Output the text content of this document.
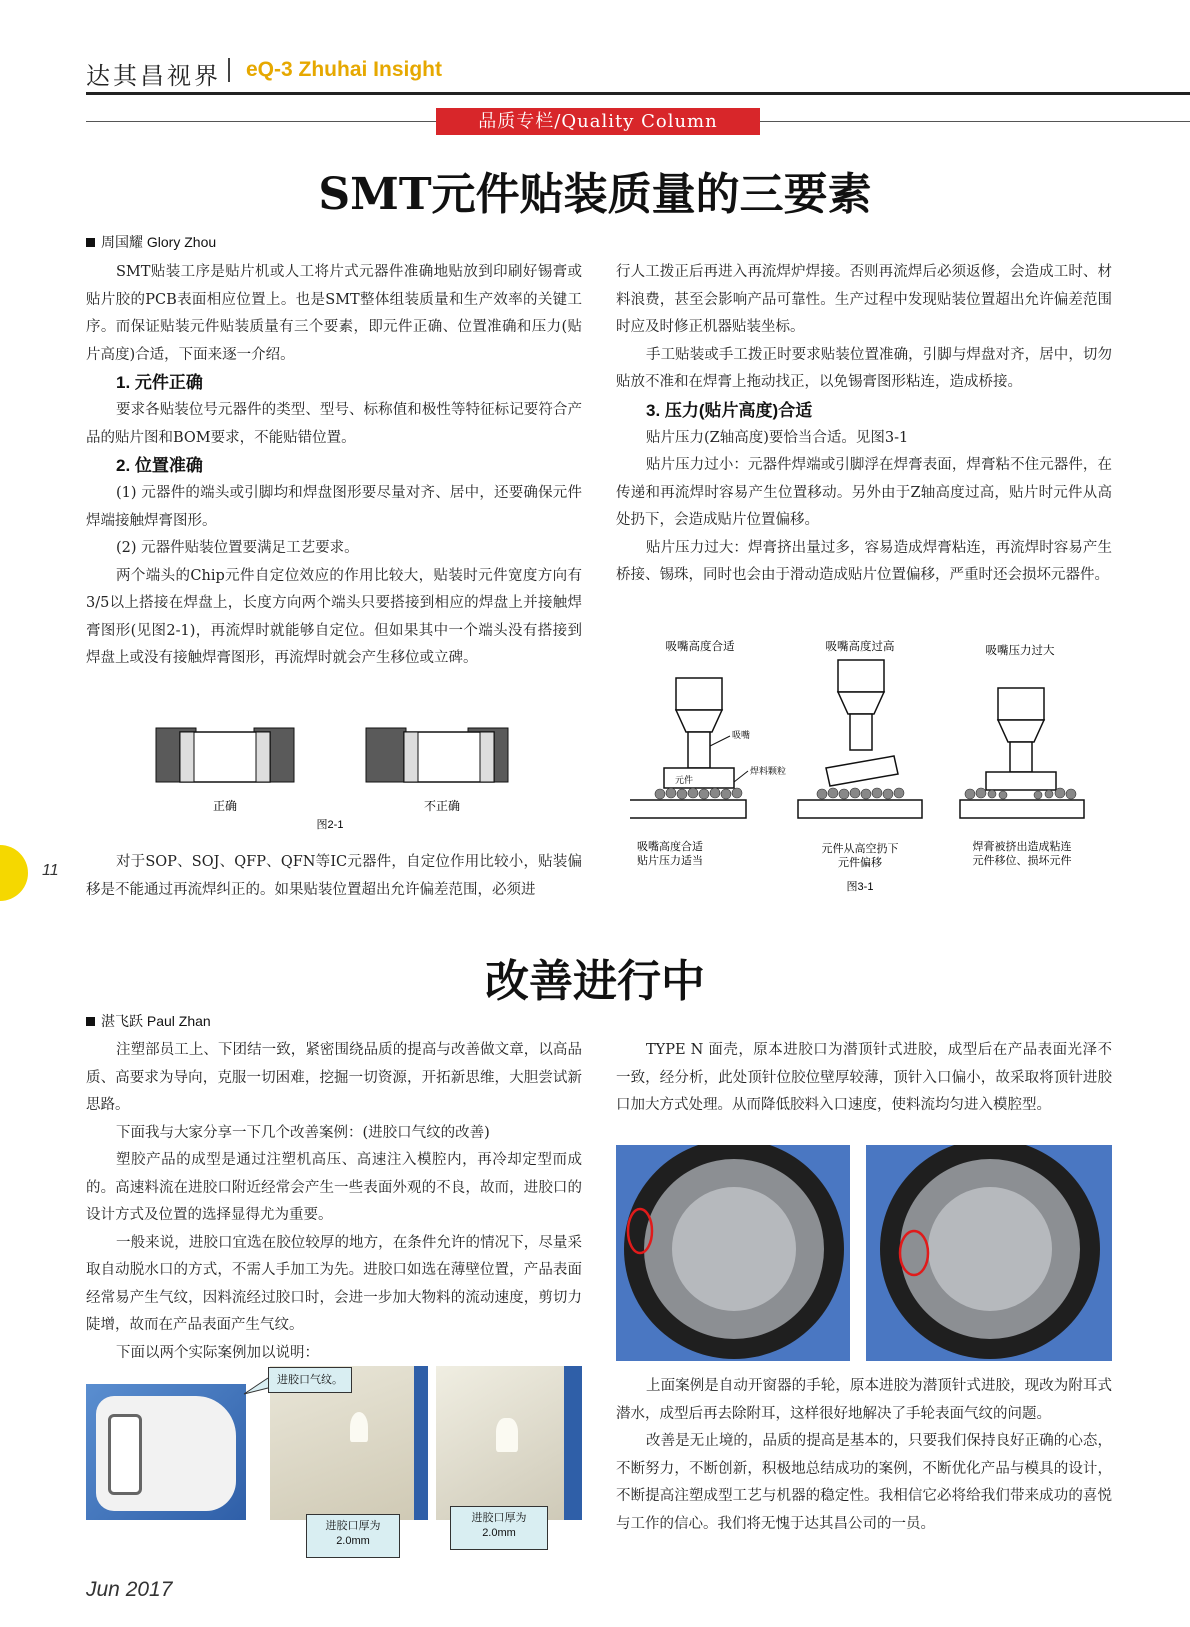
达其昌视界 eQ-3 Zhuhai Insight
品质专栏/Quality Column
SMT元件贴装质量的三要素
周国耀 Glory Zhou

SMT贴装工序是贴片机或人工将片式元器件准确地贴放到印刷好锡膏或贴片胶的PCB表面相应位置上。也是SMT整体组装质量和生产效率的关键工序。而保证贴装元件贴装质量有三个要素，即元件正确、位置准确和压力(贴片高度)合适，下面来逐一介绍。

1. 元件正确

要求各贴装位号元器件的类型、型号、标称值和极性等特征标记要符合产品的贴片图和BOM要求，不能贴错位置。

2. 位置准确

(1) 元器件的端头或引脚均和焊盘图形要尽量对齐、居中，还要确保元件焊端接触焊膏图形。

(2) 元器件贴装位置要满足工艺要求。

两个端头的Chip元件自定位效应的作用比较大，贴装时元件宽度方向有3/5以上搭接在焊盘上，长度方向两个端头只要搭接到相应的焊盘上并接触焊膏图形(见图2-1)，再流焊时就能够自定位。但如果其中一个端头没有搭接到焊盘上或没有接触焊膏图形，再流焊时就会产生移位或立碑。

正确	不正确
图2-1

对于SOP、SOJ、QFP、QFN等IC元器件，自定位作用比较小，贴装偏移是不能通过再流焊纠正的。如果贴装位置超出允许偏差范围，必须进

行人工拨正后再进入再流焊炉焊接。否则再流焊后必须返修，会造成工时、材料浪费，甚至会影响产品可靠性。生产过程中发现贴装位置超出允许偏差范围时应及时修正机器贴装坐标。

手工贴装或手工拨正时要求贴装位置准确，引脚与焊盘对齐，居中，切勿贴放不准和在焊膏上拖动找正，以免锡膏图形粘连，造成桥接。

3. 压力(贴片高度)合适

贴片压力(Z轴高度)要恰当合适。见图3-1

贴片压力过小：元器件焊端或引脚浮在焊膏表面，焊膏粘不住元器件，在传递和再流焊时容易产生位置移动。另外由于Z轴高度过高，贴片时元件从高处扔下，会造成贴片位置偏移。

贴片压力过大：焊膏挤出量过多，容易造成焊膏粘连，再流焊时容易产生桥接、锡珠，同时也会由于滑动造成贴片位置偏移，严重时还会损坏元器件。

吸嘴高度合适	吸嘴高度过高	吸嘴压力过大
元件
吸嘴
焊料颗粒
吸嘴高度合适
贴片压力适当
元件从高空扔下
元件偏移
焊膏被挤出造成粘连
元件移位、损坏元件
图3-1
11
改善进行中
湛飞跃 Paul Zhan

注塑部员工上、下团结一致，紧密围绕品质的提高与改善做文章，以高品质、高要求为导向，克服一切困难，挖掘一切资源，开拓新思维，大胆尝试新思路。

下面我与大家分享一下几个改善案例：(进胶口气纹的改善)

塑胶产品的成型是通过注塑机高压、高速注入模腔内，再冷却定型而成的。高速料流在进胶口附近经常会产生一些表面外观的不良，故而，进胶口的设计方式及位置的选择显得尤为重要。

一般来说，进胶口宜选在胶位较厚的地方，在条件允许的情况下，尽量采取自动脱水口的方式，不需人手加工为先。进胶口如选在薄壁位置，产品表面经常易产生气纹，因料流经过胶口时，会进一步加大物料的流动速度，剪切力陡增，故而在产品表面产生气纹。

下面以两个实际案例加以说明：

进胶口气纹。
进胶口厚为
2.0mm
进胶口厚为
2.0mm

TYPE N 面壳，原本进胶口为潜顶针式进胶，成型后在产品表面光泽不一致，经分析，此处顶针位胶位壁厚较薄，顶针入口偏小，故采取将顶针进胶口加大方式处理。从而降低胶料入口速度，使料流均匀进入模腔型。

上面案例是自动开窗器的手轮，原本进胶为潜顶针式进胶，现改为附耳式潜水，成型后再去除附耳，这样很好地解决了手轮表面气纹的问题。

改善是无止境的，品质的提高是基本的，只要我们保持良好正确的心态，不断努力，不断创新，积极地总结成功的案例，不断优化产品与模具的设计，不断提高注塑成型工艺与机器的稳定性。我相信它必将给我们带来成功的喜悦与工作的信心。我们将无愧于达其昌公司的一员。

Jun 2017
